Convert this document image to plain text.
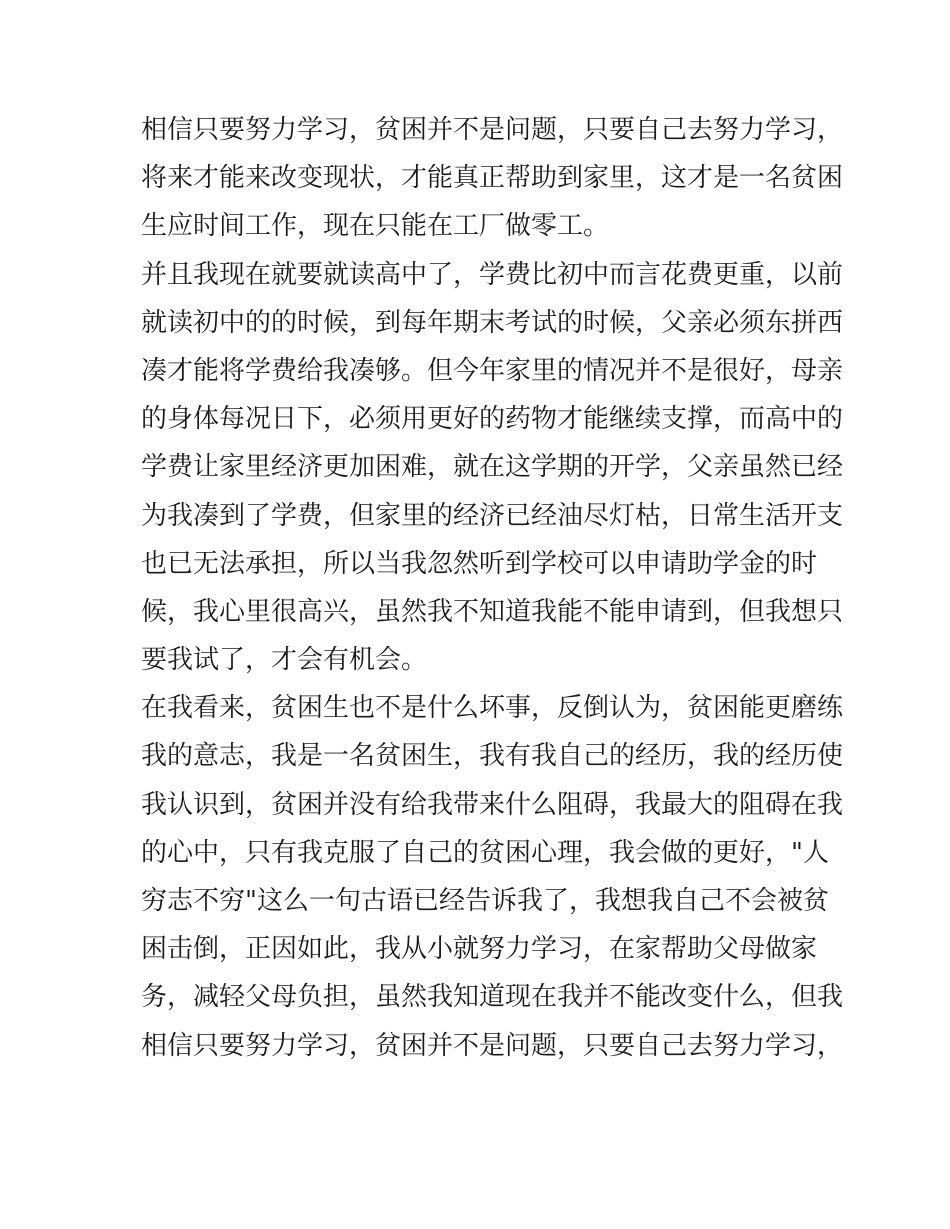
相信只要努力学习，贫困并不是问题，只要自己去努力学习，
将来才能来改变现状，才能真正帮助到家里，这才是一名贫困
生应时间工作，现在只能在工厂做零工。
并且我现在就要就读高中了，学费比初中而言花费更重，以前
就读初中的的时候，到每年期末考试的时候，父亲必须东拼西
凑才能将学费给我凑够。但今年家里的情况并不是很好，母亲
的身体每况日下，必须用更好的药物才能继续支撑，而高中的
学费让家里经济更加困难，就在这学期的开学，父亲虽然已经
为我凑到了学费，但家里的经济已经油尽灯枯，日常生活开支
也已无法承担，所以当我忽然听到学校可以申请助学金的时
候，我心里很高兴，虽然我不知道我能不能申请到，但我想只
要我试了，才会有机会。
在我看来，贫困生也不是什么坏事，反倒认为，贫困能更磨练
我的意志，我是一名贫困生，我有我自己的经历，我的经历使
我认识到，贫困并没有给我带来什么阻碍，我最大的阻碍在我
的心中，只有我克服了自己的贫困心理，我会做的更好，"人
穷志不穷"这么一句古语已经告诉我了，我想我自己不会被贫
困击倒，正因如此，我从小就努力学习，在家帮助父母做家
务，减轻父母负担，虽然我知道现在我并不能改变什么，但我
相信只要努力学习，贫困并不是问题，只要自己去努力学习，
